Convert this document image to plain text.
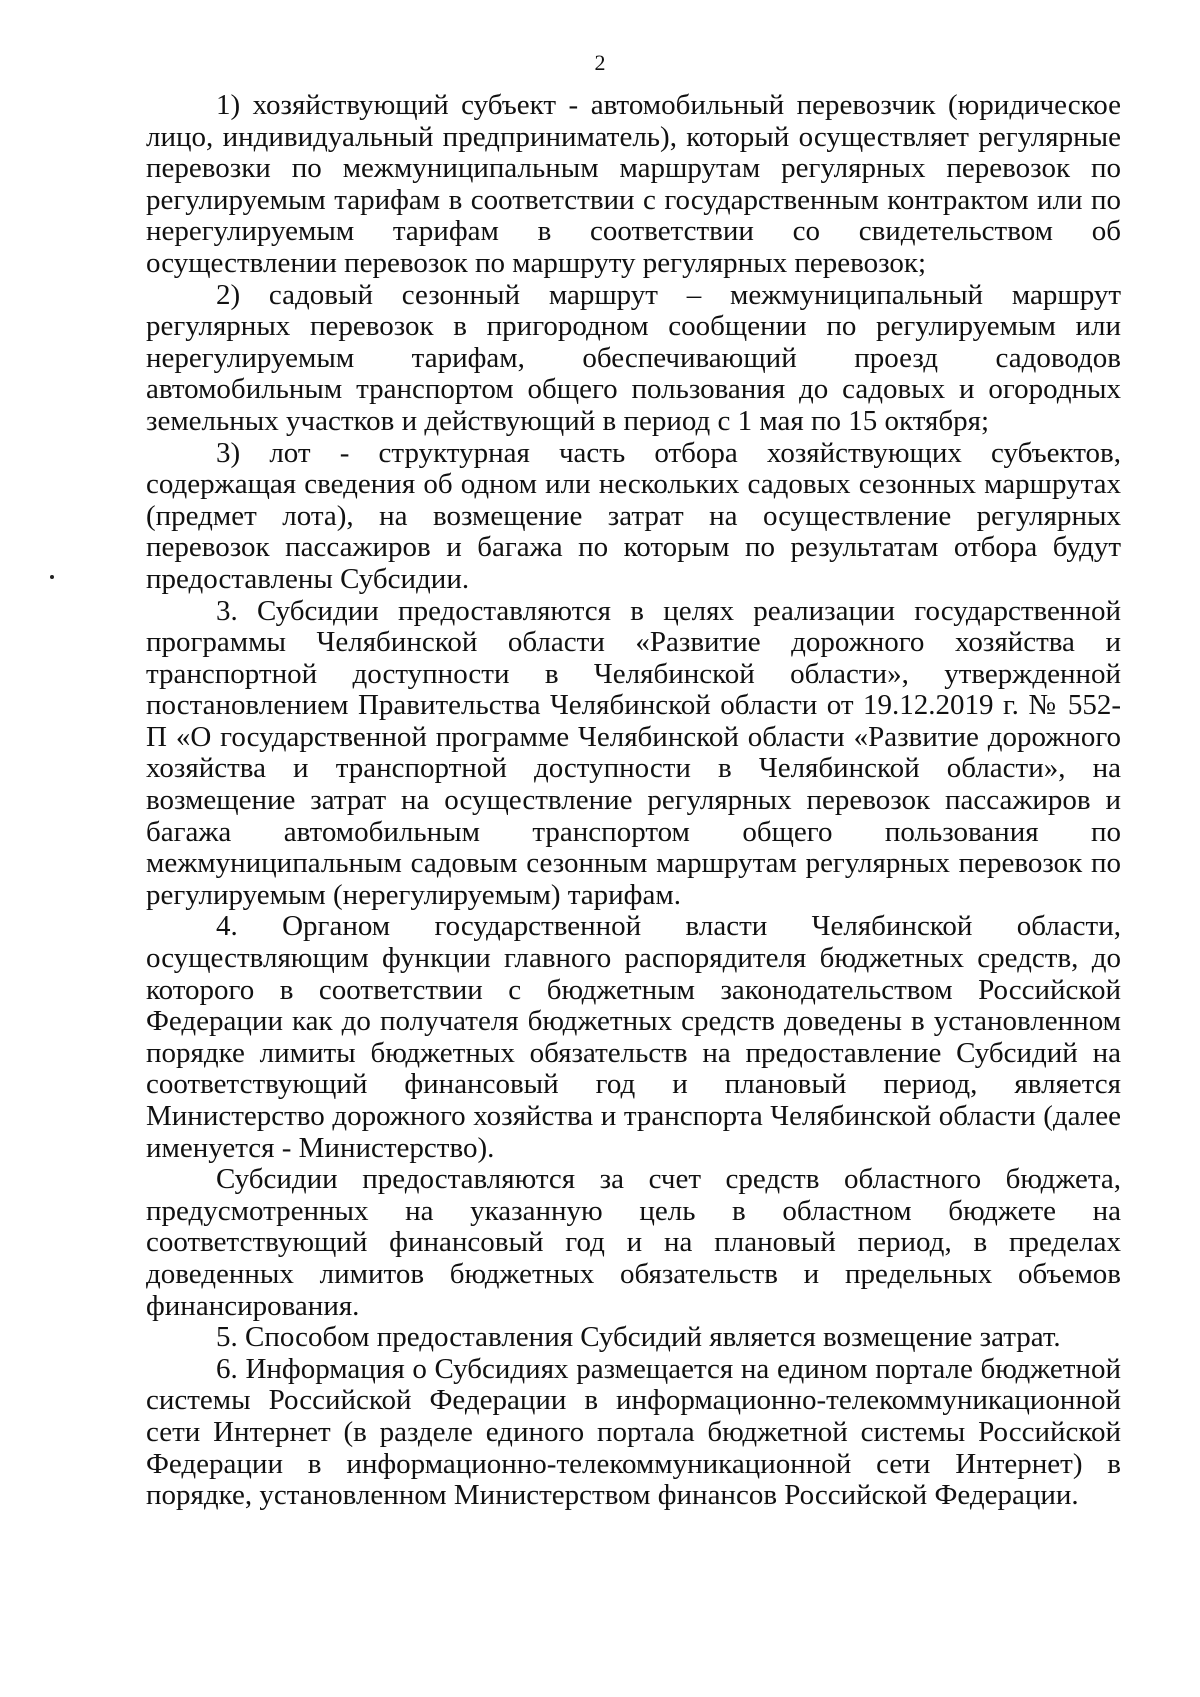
2

1) хозяйствующий субъект - автомобильный перевозчик (юридическое лицо, индивидуальный предприниматель), который осуществляет регулярные перевозки по межмуниципальным маршрутам регулярных перевозок по регулируемым тарифам в соответствии с государственным контрактом или по нерегулируемым тарифам в соответствии со свидетельством об осуществлении перевозок по маршруту регулярных перевозок;

2) садовый сезонный маршрут – межмуниципальный маршрут регулярных перевозок в пригородном сообщении по регулируемым или нерегулируемым тарифам, обеспечивающий проезд садоводов автомобильным транспортом общего пользования до садовых и огородных земельных участков и действующий в период с 1 мая по 15 октября;

3) лот - структурная часть отбора хозяйствующих субъектов, содержащая сведения об одном или нескольких садовых сезонных маршрутах (предмет лота), на возмещение затрат на осуществление регулярных перевозок пассажиров и багажа по которым по результатам отбора будут предоставлены Субсидии.

3. Субсидии предоставляются в целях реализации государственной программы Челябинской области «Развитие дорожного хозяйства и транспортной доступности в Челябинской области», утвержденной постановлением Правительства Челябинской области от 19.12.2019 г. № 552-П «О государственной программе Челябинской области «Развитие дорожного хозяйства и транспортной доступности в Челябинской области», на возмещение затрат на осуществление регулярных перевозок пассажиров и багажа автомобильным транспортом общего пользования по межмуниципальным садовым сезонным маршрутам регулярных перевозок по регулируемым (нерегулируемым) тарифам.

4. Органом государственной власти Челябинской области, осуществляющим функции главного распорядителя бюджетных средств, до которого в соответствии с бюджетным законодательством Российской Федерации как до получателя бюджетных средств доведены в установленном порядке лимиты бюджетных обязательств на предоставление Субсидий на соответствующий финансовый год и плановый период, является Министерство дорожного хозяйства и транспорта Челябинской области (далее именуется - Министерство).

Субсидии предоставляются за счет средств областного бюджета, предусмотренных на указанную цель в областном бюджете на соответствующий финансовый год и на плановый период, в пределах доведенных лимитов бюджетных обязательств и предельных объемов финансирования.

5. Способом предоставления Субсидий является возмещение затрат.

6. Информация о Субсидиях размещается на едином портале бюджетной системы Российской Федерации в информационно-телекоммуникационной сети Интернет (в разделе единого портала бюджетной системы Российской Федерации в информационно-телекоммуникационной сети Интернет) в порядке, установленном Министерством финансов Российской Федерации.
